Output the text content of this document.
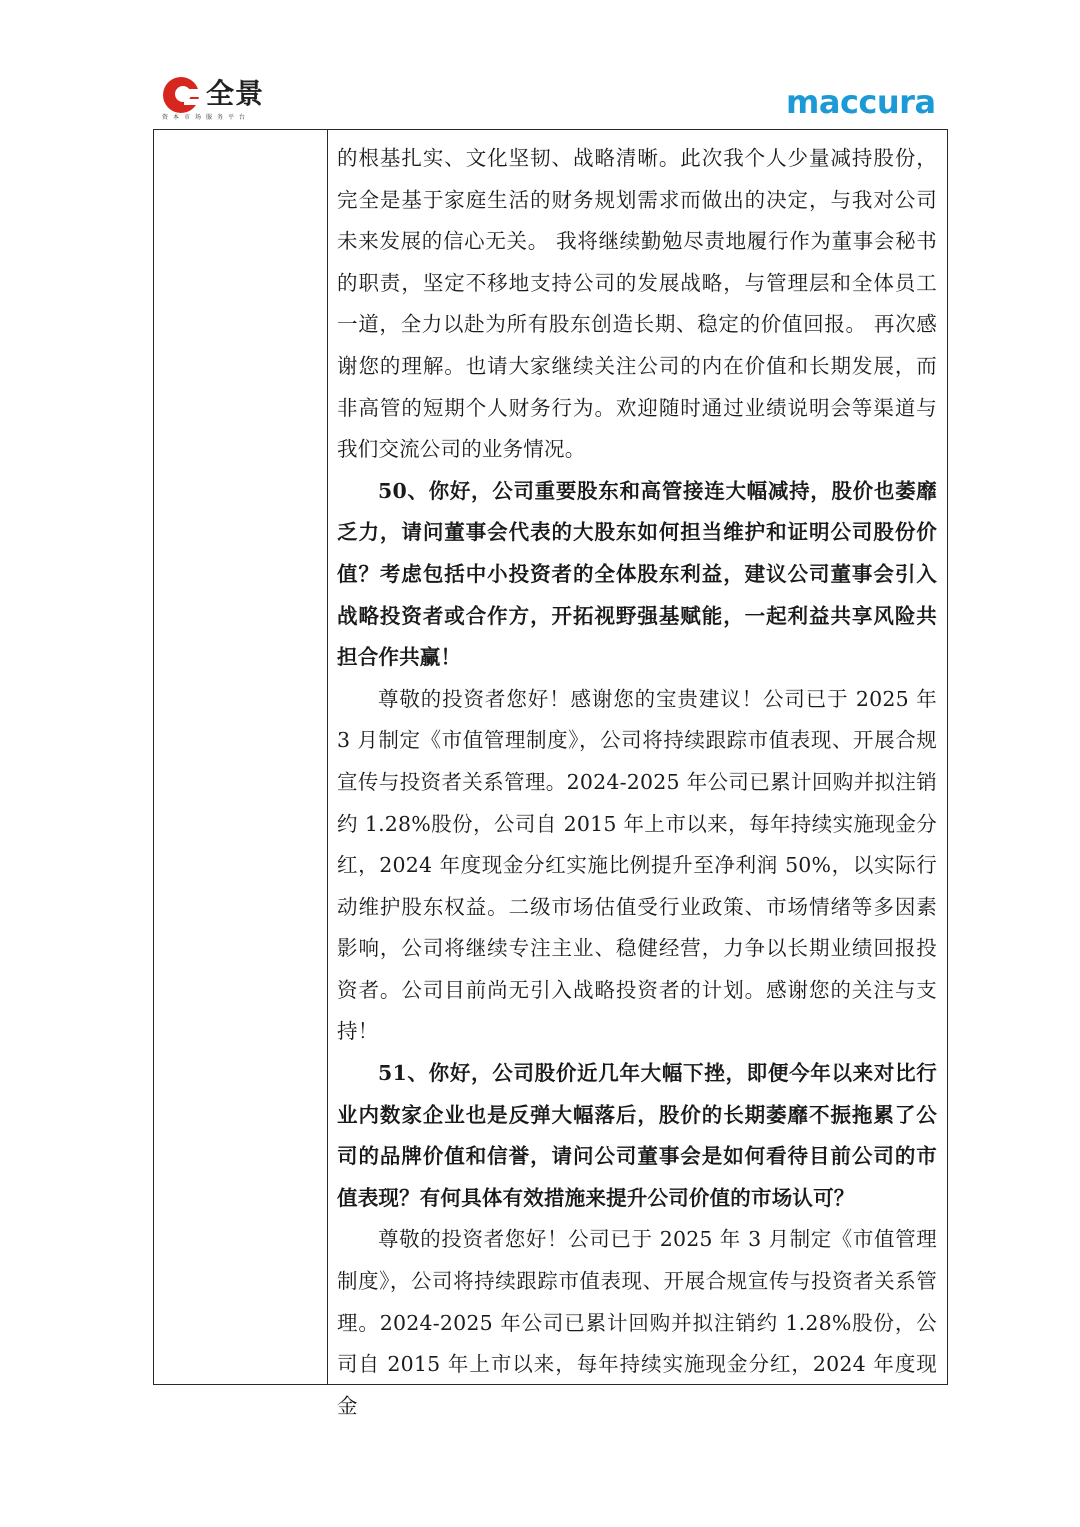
全景
资本市场服务平台	maccura

的根基扎实、文化坚韧、战略清晰。此次我个人少量减持股份，完全是基于家庭生活的财务规划需求而做出的决定，与我对公司未来发展的信心无关。 我将继续勤勉尽责地履行作为董事会秘书的职责，坚定不移地支持公司的发展战略，与管理层和全体员工一道，全力以赴为所有股东创造长期、稳定的价值回报。 再次感谢您的理解。也请大家继续关注公司的内在价值和长期发展，而非高管的短期个人财务行为。欢迎随时通过业绩说明会等渠道与我们交流公司的业务情况。

50、你好，公司重要股东和高管接连大幅减持，股价也萎靡乏力，请问董事会代表的大股东如何担当维护和证明公司股份价值？考虑包括中小投资者的全体股东利益，建议公司董事会引入战略投资者或合作方，开拓视野强基赋能，一起利益共享风险共担合作共赢！

尊敬的投资者您好！感谢您的宝贵建议！公司已于 2025 年 3 月制定《市值管理制度》，公司将持续跟踪市值表现、开展合规宣传与投资者关系管理。2024-2025 年公司已累计回购并拟注销约 1.28%股份，公司自 2015 年上市以来，每年持续实施现金分红，2024 年度现金分红实施比例提升至净利润 50%，以实际行动维护股东权益。二级市场估值受行业政策、市场情绪等多因素影响，公司将继续专注主业、稳健经营，力争以长期业绩回报投资者。公司目前尚无引入战略投资者的计划。感谢您的关注与支持！

51、你好，公司股价近几年大幅下挫，即便今年以来对比行业内数家企业也是反弹大幅落后，股价的长期萎靡不振拖累了公司的品牌价值和信誉，请问公司董事会是如何看待目前公司的市值表现？有何具体有效措施来提升公司价值的市场认可？

尊敬的投资者您好！公司已于 2025 年 3 月制定《市值管理制度》，公司将持续跟踪市值表现、开展合规宣传与投资者关系管理。2024-2025 年公司已累计回购并拟注销约 1.28%股份，公司自 2015 年上市以来，每年持续实施现金分红，2024 年度现金
